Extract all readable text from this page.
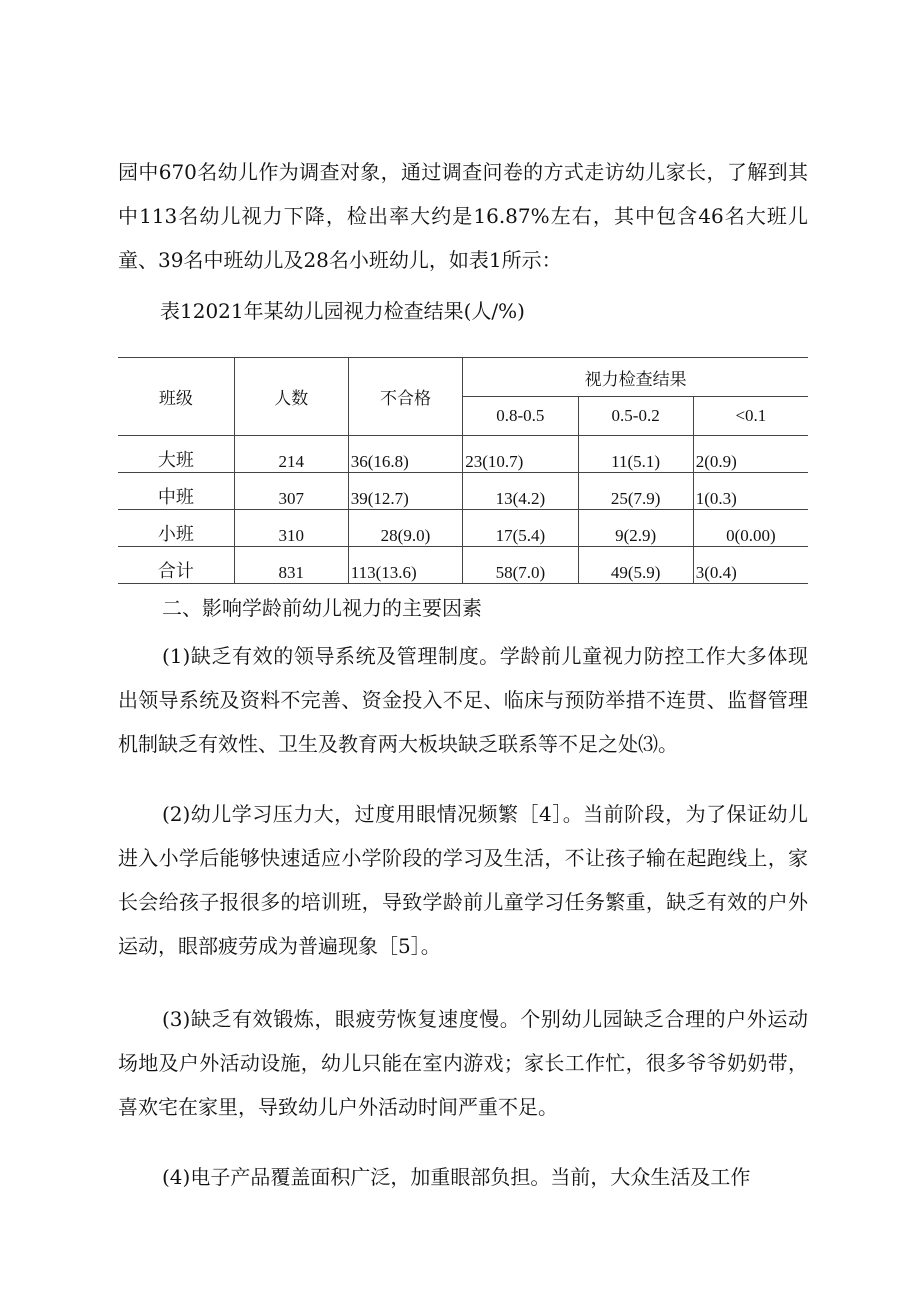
园中670名幼儿作为调查对象，通过调查问卷的方式走访幼儿家长，了解到其中113名幼儿视力下降，检出率大约是16.87%左右，其中包含46名大班儿童、39名中班幼儿及28名小班幼儿，如表1所示：

表12021年某幼儿园视力检查结果(人/%)

班级	人数	不合格	视力检查结果		
			0.8-0.5	0.5-0.2	<0.1
大班	214	36(16.8)	23(10.7)	11(5.1)	2(0.9)
中班	307	39(12.7)	13(4.2)	25(7.9)	1(0.3)
小班	310	28(9.0)	17(5.4)	9(2.9)	0(0.00)
合计	831	113(13.6)	58(7.0)	49(5.9)	3(0.4)

二、影响学龄前幼儿视力的主要因素

(1)缺乏有效的领导系统及管理制度。学龄前儿童视力防控工作大多体现出领导系统及资料不完善、资金投入不足、临床与预防举措不连贯、监督管理机制缺乏有效性、卫生及教育两大板块缺乏联系等不足之处⑶。

(2)幼儿学习压力大，过度用眼情况频繁［4］。当前阶段，为了保证幼儿进入小学后能够快速适应小学阶段的学习及生活，不让孩子输在起跑线上，家长会给孩子报很多的培训班，导致学龄前儿童学习任务繁重，缺乏有效的户外运动，眼部疲劳成为普遍现象［5］。

(3)缺乏有效锻炼，眼疲劳恢复速度慢。个别幼儿园缺乏合理的户外运动场地及户外活动设施，幼儿只能在室内游戏；家长工作忙，很多爷爷奶奶带，喜欢宅在家里，导致幼儿户外活动时间严重不足。

(4)电子产品覆盖面积广泛，加重眼部负担。当前，大众生活及工作
